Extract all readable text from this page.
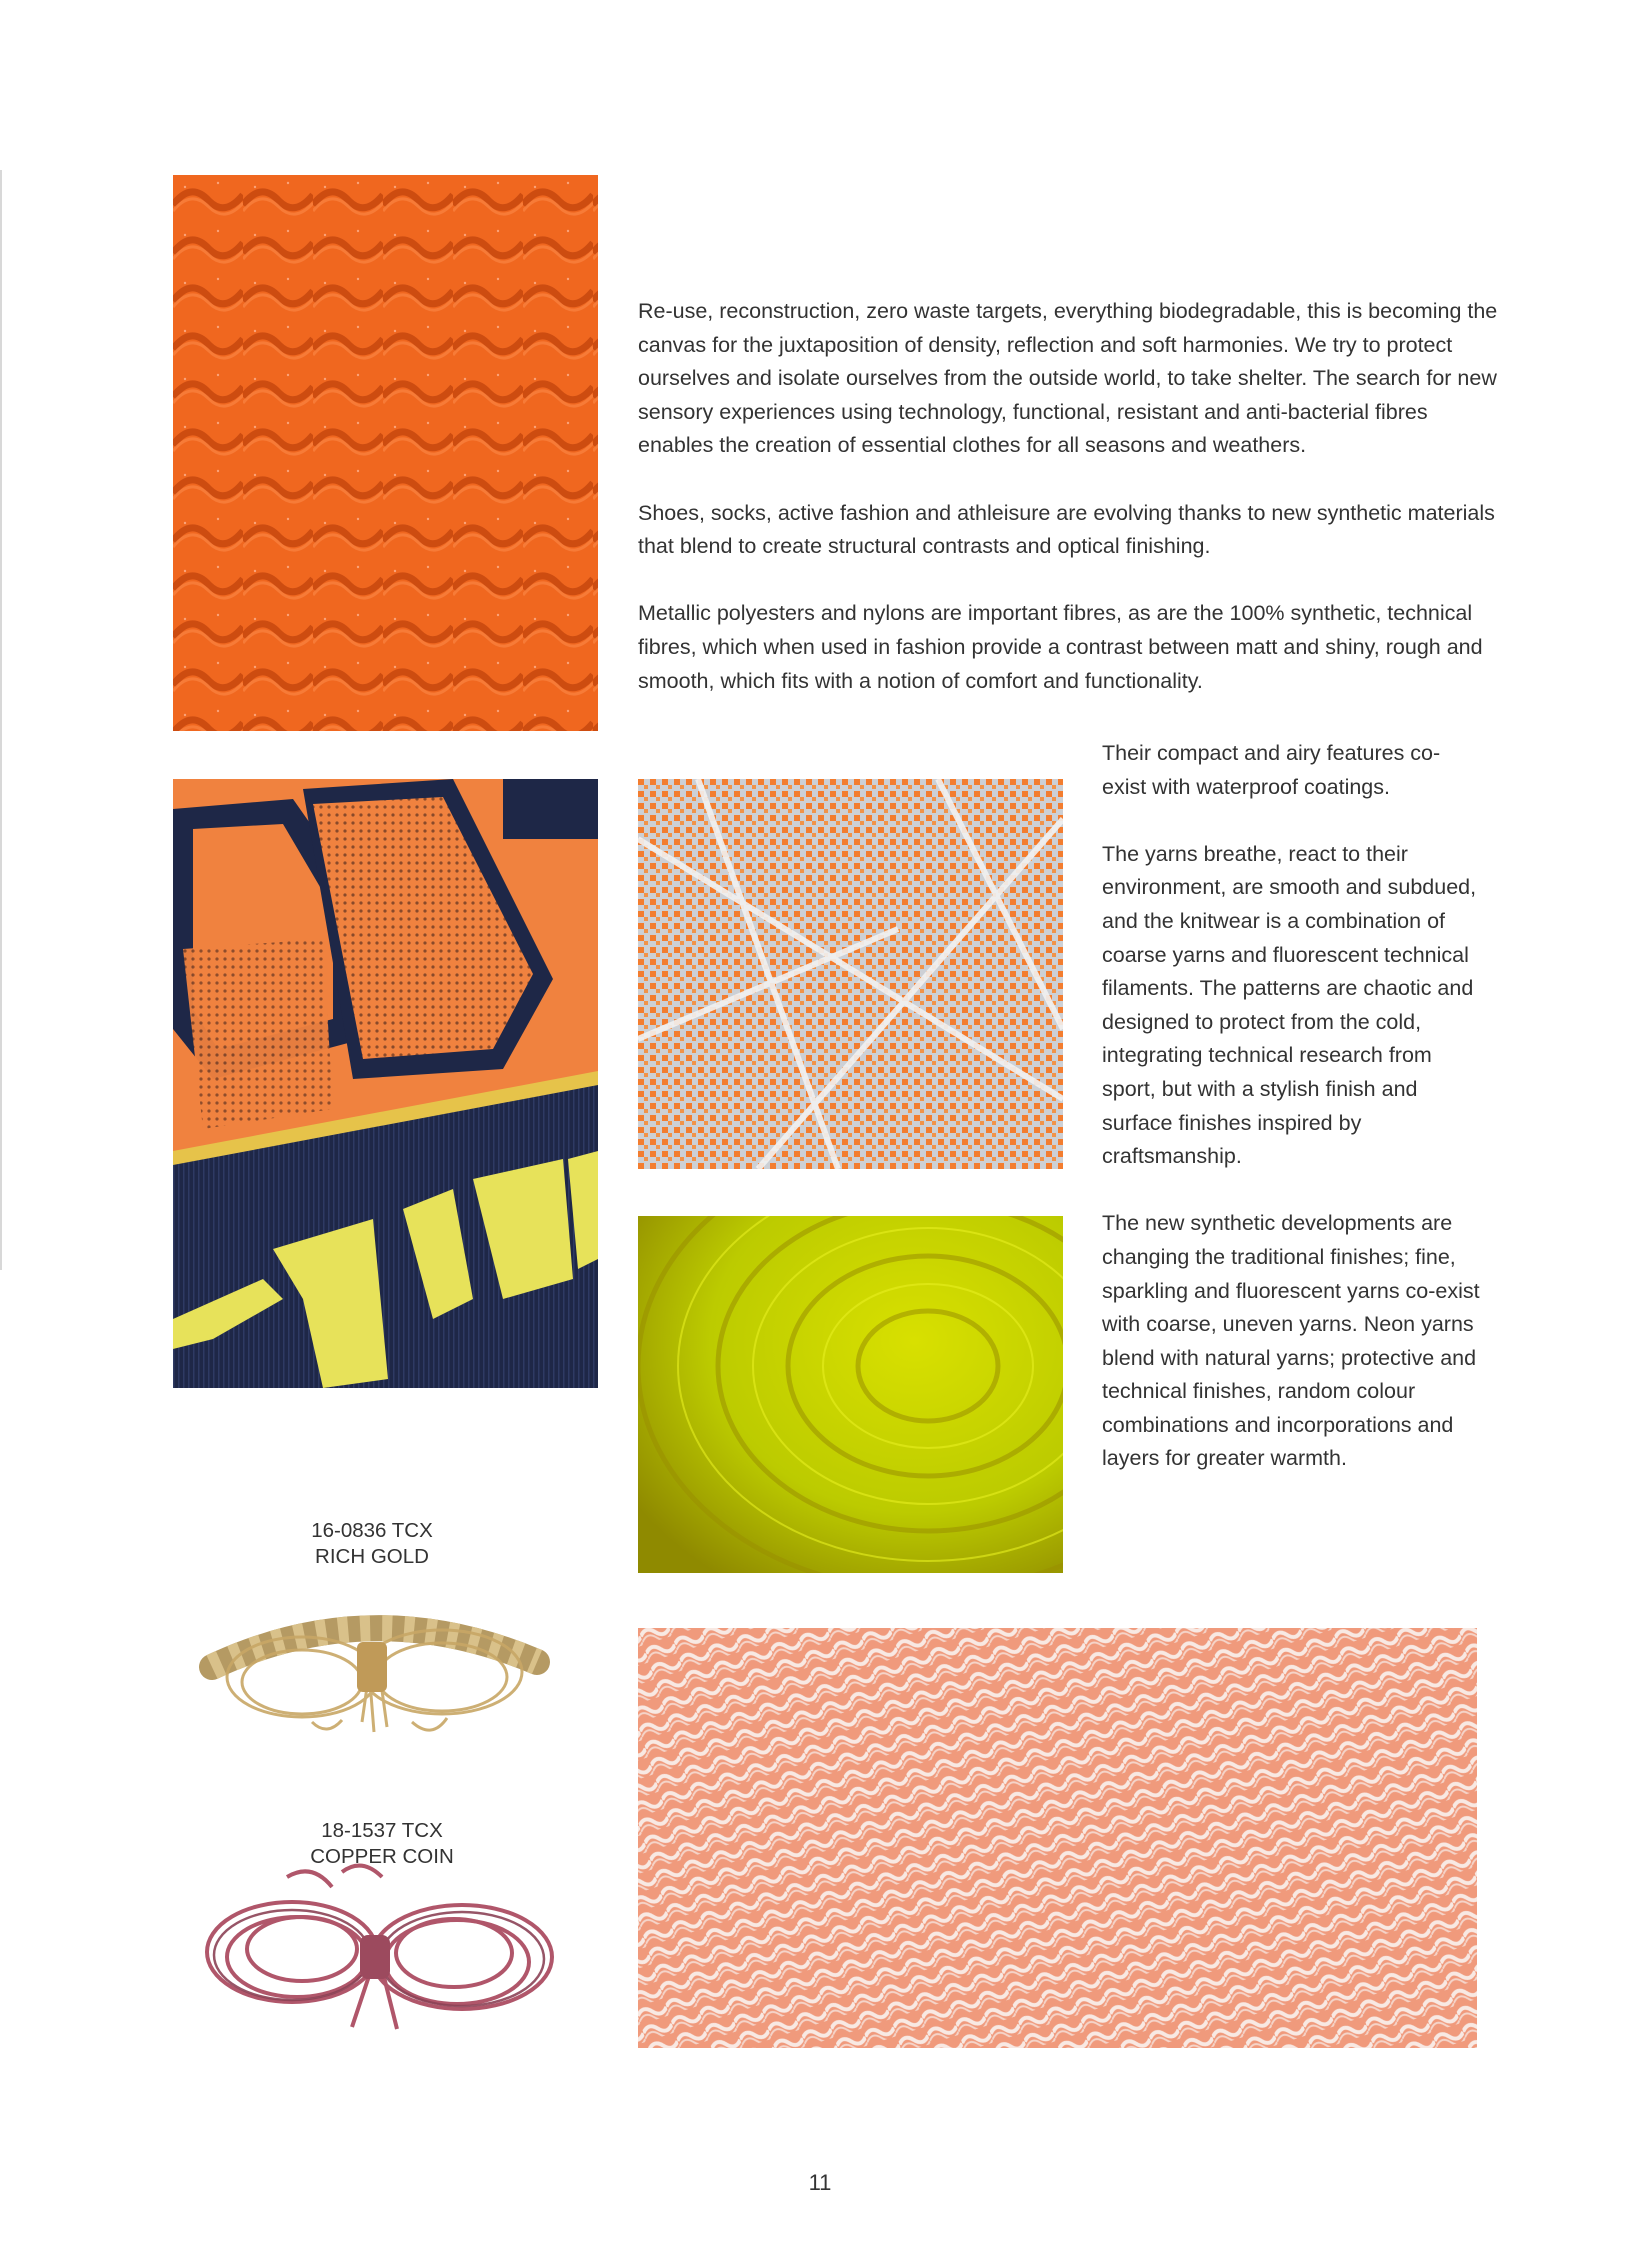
Re-use, reconstruction, zero waste targets, everything biodegradable, this is becoming the canvas for the juxtaposition of density, reflection and soft harmonies. We try to protect ourselves and isolate ourselves from the outside world, to take shelter. The search for new sensory experiences using technology, functional, resistant and anti-bacterial fibres enables the creation of essential clothes for all seasons and weathers.

Shoes, socks, active fashion and athleisure are evolving thanks to new synthetic materials that blend to create structural contrasts and optical finishing.

Metallic polyesters and nylons are important fibres, as are the 100% synthetic, technical fibres, which when used in fashion provide a contrast between matt and shiny, rough and smooth, which fits with a notion of comfort and functionality.

Their compact and airy features co-exist with waterproof coatings.

The yarns breathe, react to their environment, are smooth and subdued, and the knitwear is a combination of coarse yarns and fluorescent technical filaments. The patterns are chaotic and designed to protect from the cold, integrating technical research from sport, but with a stylish finish and surface finishes inspired by craftsmanship.

The new synthetic developments are changing the traditional finishes; fine, sparkling and fluorescent yarns co-exist with coarse, uneven yarns. Neon yarns blend with natural yarns; protective and technical finishes, random colour combinations and incorporations and layers for greater warmth.

16-0836 TCX
RICH GOLD
18-1537 TCX
COPPER COIN
11
